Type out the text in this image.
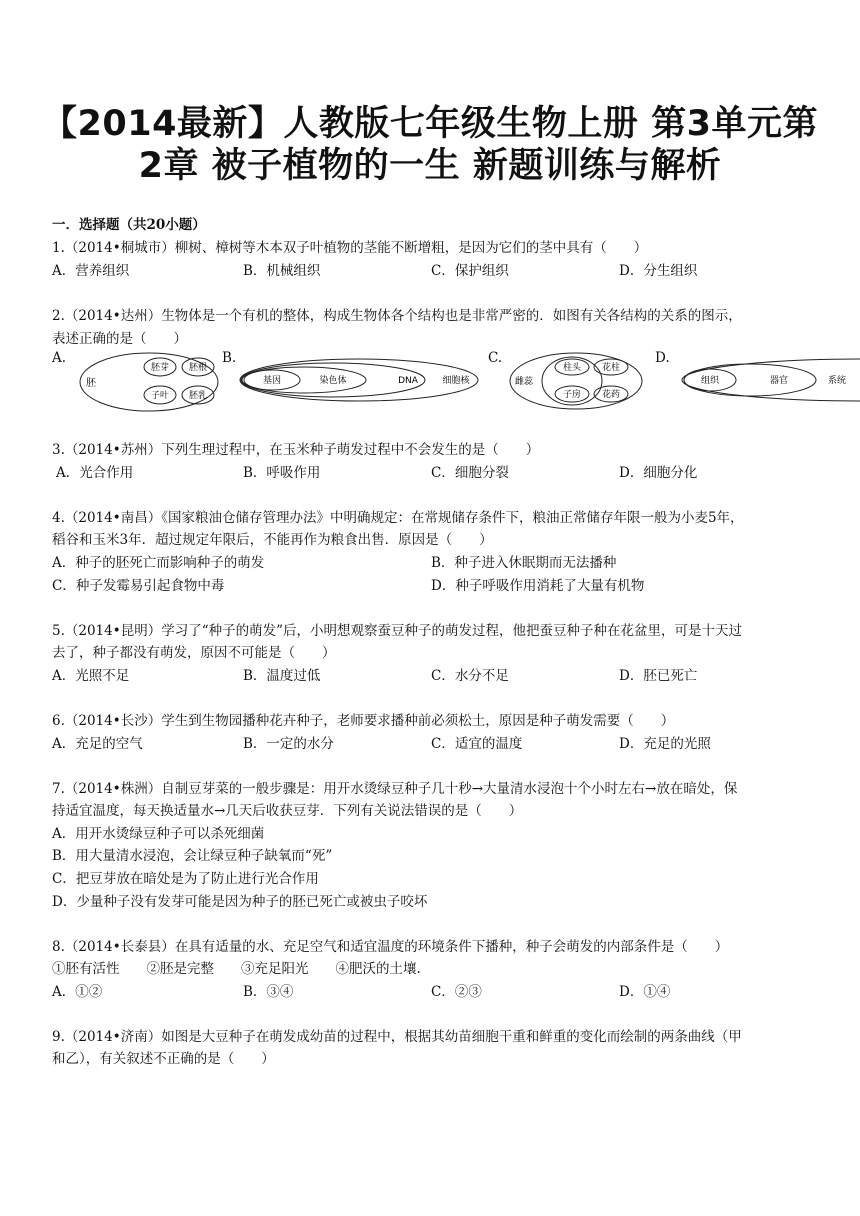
【2014最新】人教版七年级生物上册 第3单元第
2章 被子植物的一生 新题训练与解析
一．选择题（共20小题）
1.（2014•桐城市）柳树、樟树等木本双子叶植物的茎能不断增粗，是因为它们的茎中具有（　　）
A．营养组织	B．机械组织	C．保护组织	D．分生组织
2.（2014•达州）生物体是一个有机的整体，构成生物体各个结构也是非常严密的．如图有关各结构的关系的图示，
表述正确的是（　　）
A.	B.	C.	D.
胚
胚芽 胚根
子叶 胚乳
基因	染色体	DNA	细胞核	雌蕊
柱头 花柱
子房 花药
组织	器官	系统
3.（2014•苏州）下列生理过程中，在玉米种子萌发过程中不会发生的是（　　）
A．光合作用	B．呼吸作用	C．细胞分裂	D．细胞分化
4.（2014•南昌）《国家粮油仓储存管理办法》中明确规定：在常规储存条件下，粮油正常储存年限一般为小麦5年，
稻谷和玉米3年．超过规定年限后，不能再作为粮食出售．原因是（　　）
A．种子的胚死亡而影响种子的萌发	B．种子进入休眠期而无法播种
C．种子发霉易引起食物中毒	D．种子呼吸作用消耗了大量有机物
5.（2014•昆明）学习了“种子的萌发”后，小明想观察蚕豆种子的萌发过程，他把蚕豆种子种在花盆里，可是十天过
去了，种子都没有萌发，原因不可能是（　　）
A．光照不足	B．温度过低	C．水分不足	D．胚已死亡
6.（2014•长沙）学生到生物园播种花卉种子，老师要求播种前必须松土，原因是种子萌发需要（　　）
A．充足的空气	B．一定的水分	C．适宜的温度	D．充足的光照
7.（2014•株洲）自制豆芽菜的一般步骤是：用开水烫绿豆种子几十秒→大量清水浸泡十个小时左右→放在暗处，保
持适宜温度，每天换适量水→几天后收获豆芽．下列有关说法错误的是（　　）
A．用开水烫绿豆种子可以杀死细菌
B．用大量清水浸泡，会让绿豆种子缺氧而“死”
C．把豆芽放在暗处是为了防止进行光合作用
D．少量种子没有发芽可能是因为种子的胚已死亡或被虫子咬坏
8.（2014•长泰县）在具有适量的水、充足空气和适宜温度的环境条件下播种，种子会萌发的内部条件是（　　）
①胚有活性　　②胚是完整　　③充足阳光　　④肥沃的土壤.
A．①②	B．③④	C．②③	D．①④
9.（2014•济南）如图是大豆种子在萌发成幼苗的过程中，根据其幼苗细胞干重和鲜重的变化而绘制的两条曲线（甲
和乙），有关叙述不正确的是（　　）
